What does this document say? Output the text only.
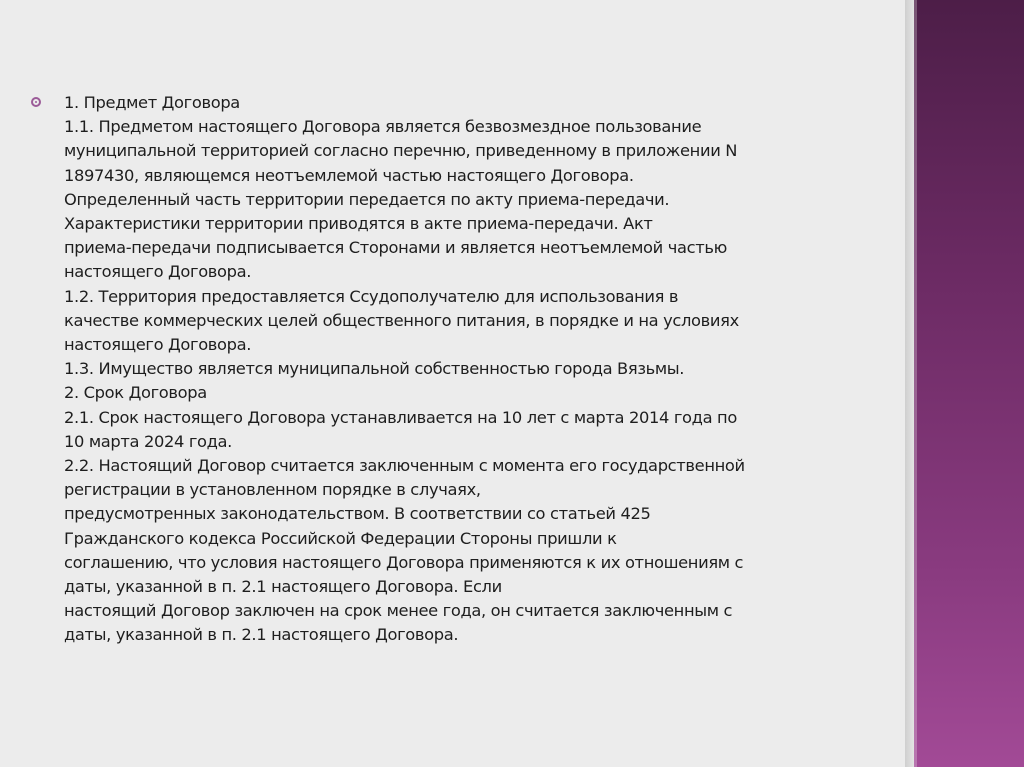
1. Предмет Договора
1.1. Предметом настоящего Договора является безвозмездное пользование
муниципальной территорией согласно перечню, приведенному в приложении N
1897430, являющемся неотъемлемой частью настоящего Договора.
Определенный часть территории передается по акту приема-передачи.
Характеристики территории приводятся в акте приема-передачи. Акт
приема-передачи подписывается Сторонами и является неотъемлемой частью
настоящего Договора.
1.2. Территория предоставляется Ссудополучателю для использования в
качестве коммерческих целей общественного питания, в порядке и на условиях
настоящего Договора.
1.3. Имущество является муниципальной собственностью города Вязьмы.
2. Срок Договора
2.1. Срок настоящего Договора устанавливается на 10 лет с марта 2014 года по
10 марта 2024 года.
2.2. Настоящий Договор считается заключенным с момента его государственной
регистрации в установленном порядке в случаях,
предусмотренных законодательством. В соответствии со статьей 425
Гражданского кодекса Российской Федерации Стороны пришли к
соглашению, что условия настоящего Договора применяются к их отношениям с
даты, указанной в п. 2.1 настоящего Договора. Если
настоящий Договор заключен на срок менее года, он считается заключенным с
даты, указанной в п. 2.1 настоящего Договора.
